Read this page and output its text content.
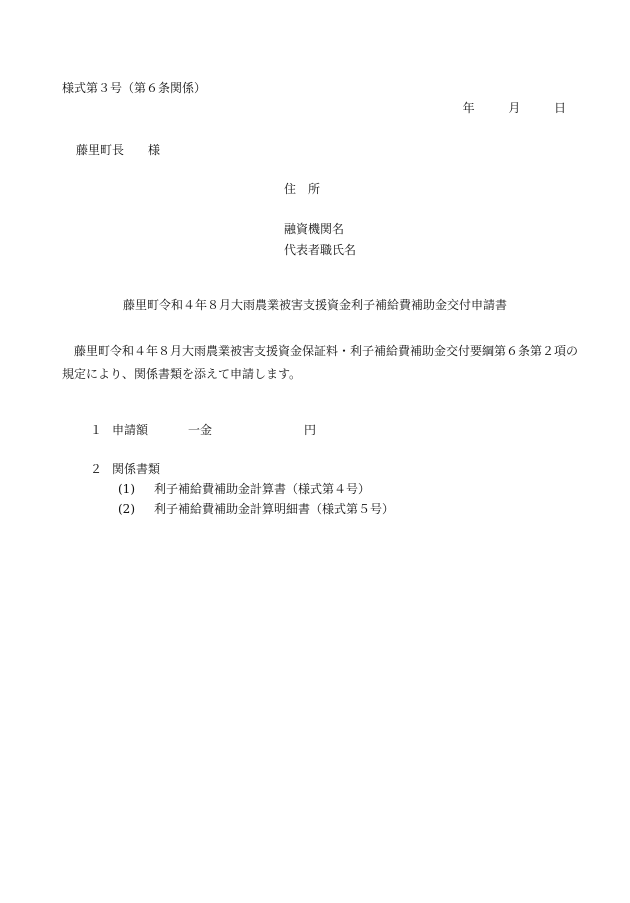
様式第３号（第６条関係）
年	月	日
藤里町長 様
住　所
融資機関名
代表者職氏名
藤里町令和４年８月大雨農業被害支援資金利子補給費補助金交付申請書
藤里町令和４年８月大雨農業被害支援資金保証料・利子補給費補助金交付要綱第６条第２項の規定により、関係書類を添えて申請します。
１ 申請額	一金	円
２ 関係書類
(1) 利子補給費補助金計算書（様式第４号）
(2) 利子補給費補助金計算明細書（様式第５号）
